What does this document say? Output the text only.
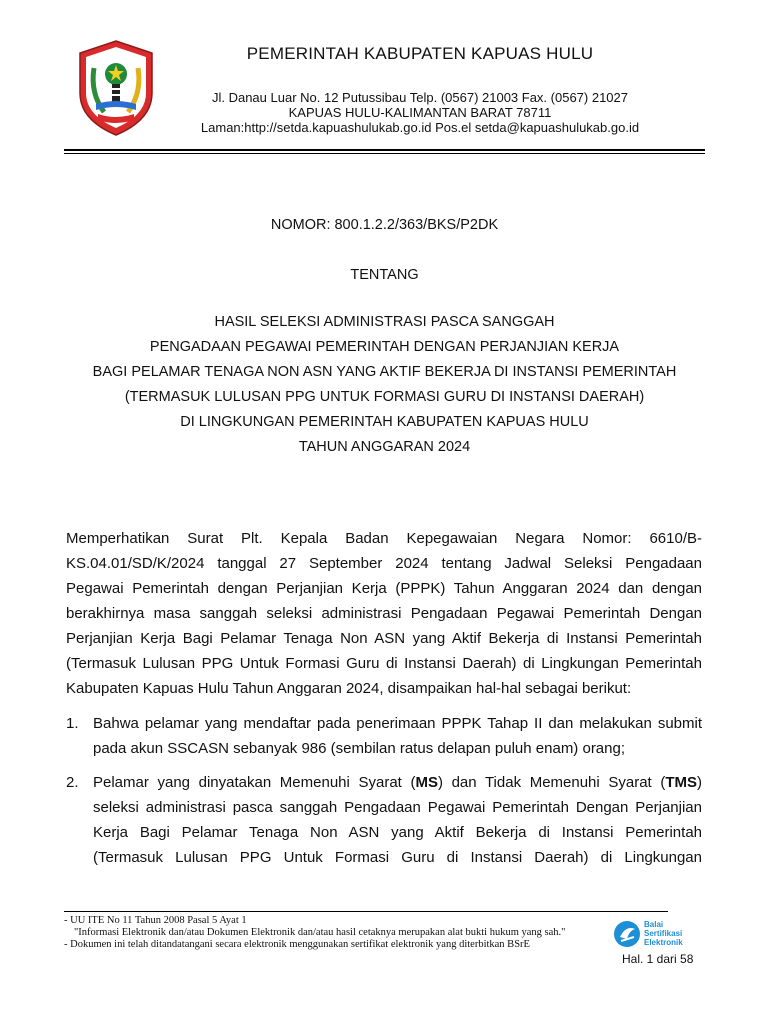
PEMERINTAH KABUPATEN KAPUAS HULU
Jl. Danau Luar No. 12 Putussibau Telp. (0567) 21003 Fax. (0567) 21027
KAPUAS HULU-KALIMANTAN BARAT 78711
Laman:http://setda.kapuashulukab.go.id Pos.el setda@kapuashulukab.go.id
NOMOR: 800.1.2.2/363/BKS/P2DK
TENTANG
HASIL SELEKSI ADMINISTRASI PASCA SANGGAH
PENGADAAN PEGAWAI PEMERINTAH DENGAN PERJANJIAN KERJA
BAGI PELAMAR TENAGA NON ASN YANG AKTIF BEKERJA DI INSTANSI PEMERINTAH
(TERMASUK LULUSAN PPG UNTUK FORMASI GURU DI INSTANSI DAERAH)
DI LINGKUNGAN PEMERINTAH KABUPATEN KAPUAS HULU
TAHUN ANGGARAN 2024
Memperhatikan Surat Plt. Kepala Badan Kepegawaian Negara Nomor: 6610/B-
KS.04.01/SD/K/2024 tanggal 27 September 2024 tentang Jadwal Seleksi Pengadaan
Pegawai Pemerintah dengan Perjanjian Kerja (PPPK) Tahun Anggaran 2024 dan dengan
berakhirnya masa sanggah seleksi administrasi Pengadaan Pegawai Pemerintah Dengan
Perjanjian Kerja Bagi Pelamar Tenaga Non ASN yang Aktif Bekerja di Instansi Pemerintah
(Termasuk Lulusan PPG Untuk Formasi Guru di Instansi Daerah) di Lingkungan Pemerintah
Kabupaten Kapuas Hulu Tahun Anggaran 2024, disampaikan hal-hal sebagai berikut:
1. Bahwa pelamar yang mendaftar pada penerimaan PPPK Tahap II dan melakukan submit
pada akun SSCASN sebanyak 986 (sembilan ratus delapan puluh enam) orang;
2. Pelamar yang dinyatakan Memenuhi Syarat (MS) dan Tidak Memenuhi Syarat (TMS)
seleksi administrasi pasca sanggah Pengadaan Pegawai Pemerintah Dengan Perjanjian
Kerja Bagi Pelamar Tenaga Non ASN yang Aktif Bekerja di Instansi Pemerintah
(Termasuk Lulusan PPG Untuk Formasi Guru di Instansi Daerah) di Lingkungan
- UU ITE No 11 Tahun 2008 Pasal 5 Ayat 1
"Informasi Elektronik dan/atau Dokumen Elektronik dan/atau hasil cetaknya merupakan alat bukti hukum yang sah."
- Dokumen ini telah ditandatangani secara elektronik menggunakan sertifikat elektronik yang diterbitkan BSrE
Balai
Sertifikasi
Elektronik
Hal. 1 dari 58
